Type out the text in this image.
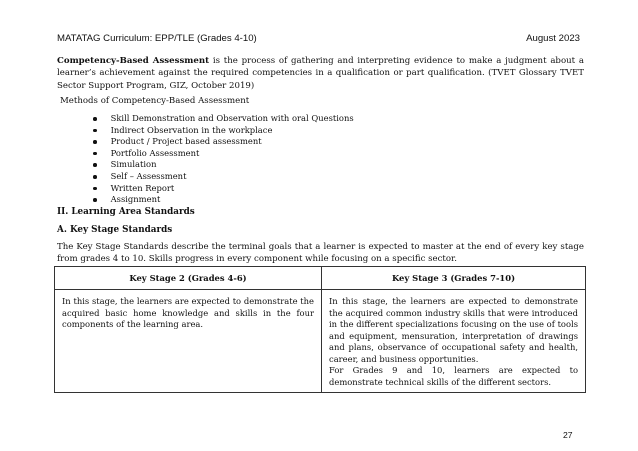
MATATAG Curriculum: EPP/TLE (Grades 4-10)	August 2023
Competency-Based Assessment is the process of gathering and interpreting evidence to make a judgment about a learner’s achievement against the required competencies in a qualification or part qualification. (TVET Glossary TVET Sector Support Program, GIZ, October 2019)
Methods of Competency-Based Assessment
Skill Demonstration and Observation with oral Questions
Indirect Observation in the workplace
Product / Project based assessment
Portfolio Assessment
Simulation
Self – Assessment
Written Report
Assignment
II. Learning Area Standards
A. Key Stage Standards
The Key Stage Standards describe the terminal goals that a learner is expected to master at the end of every key stage from grades 4 to 10. Skills progress in every component while focusing on a specific sector.
Key Stage 2 (Grades 4-6)	Key Stage 3 (Grades 7-10)
In this stage, the learners are expected to demonstrate the acquired basic home knowledge and skills in the four components of the learning area.	In this stage, the learners are expected to demonstrate the acquired common industry skills that were introduced in the different specializations focusing on the use of tools and equipment, mensuration, interpretation of drawings and plans, observance of occupational safety and health, career, and business opportunities.
For Grades 9 and 10, learners are expected to demonstrate technical skills of the different sectors.
27
